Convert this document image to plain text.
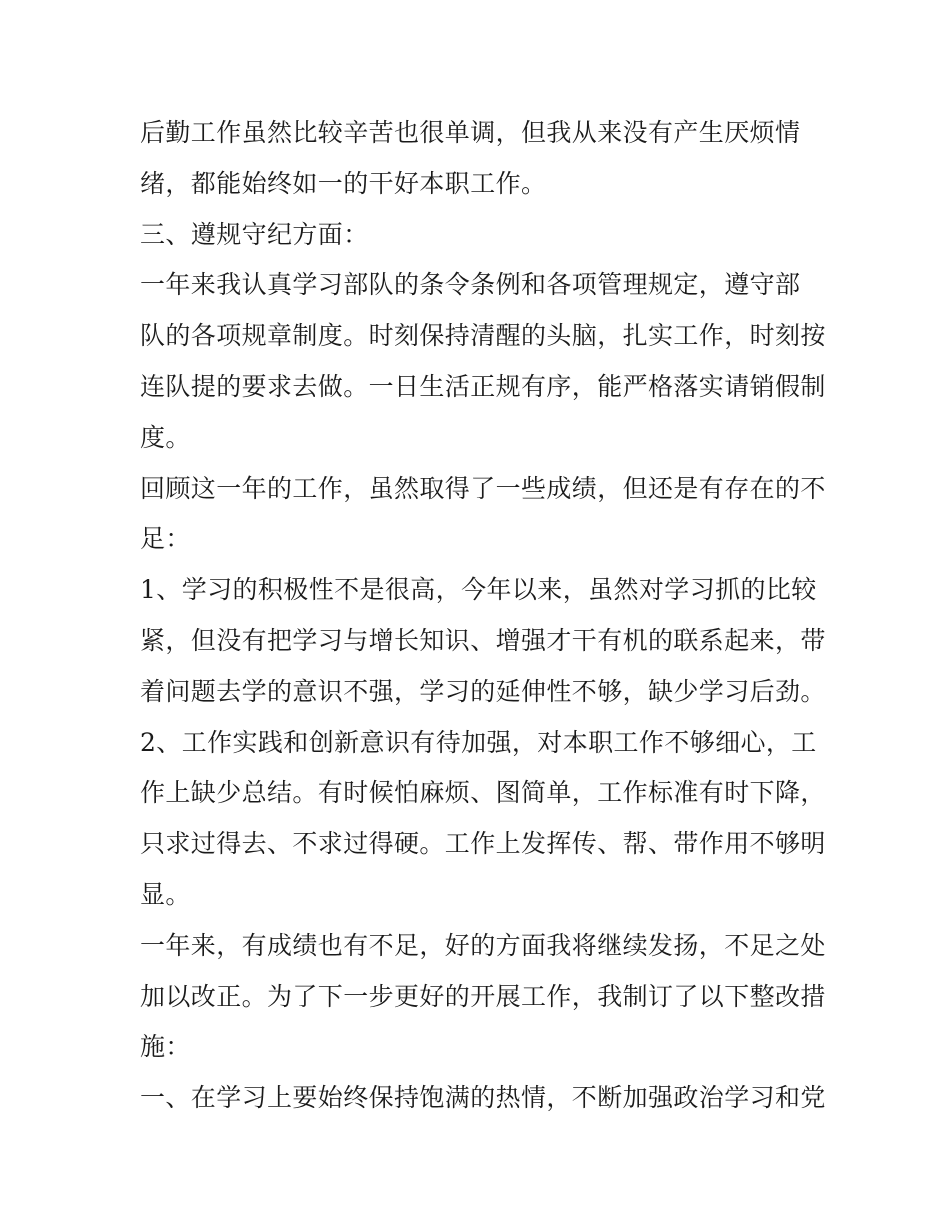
后勤工作虽然比较辛苦也很单调，但我从来没有产生厌烦情
绪，都能始终如一的干好本职工作。
三、遵规守纪方面：
一年来我认真学习部队的条令条例和各项管理规定，遵守部
队的各项规章制度。时刻保持清醒的头脑，扎实工作，时刻按
连队提的要求去做。一日生活正规有序，能严格落实请销假制
度。
回顾这一年的工作，虽然取得了一些成绩，但还是有存在的不
足：
1、学习的积极性不是很高，今年以来，虽然对学习抓的比较
紧，但没有把学习与增长知识、增强才干有机的联系起来，带
着问题去学的意识不强，学习的延伸性不够，缺少学习后劲。
2、工作实践和创新意识有待加强，对本职工作不够细心，工
作上缺少总结。有时候怕麻烦、图简单，工作标准有时下降，
只求过得去、不求过得硬。工作上发挥传、帮、带作用不够明
显。
一年来，有成绩也有不足，好的方面我将继续发扬，不足之处
加以改正。为了下一步更好的开展工作，我制订了以下整改措
施：
一、在学习上要始终保持饱满的热情，不断加强政治学习和党
